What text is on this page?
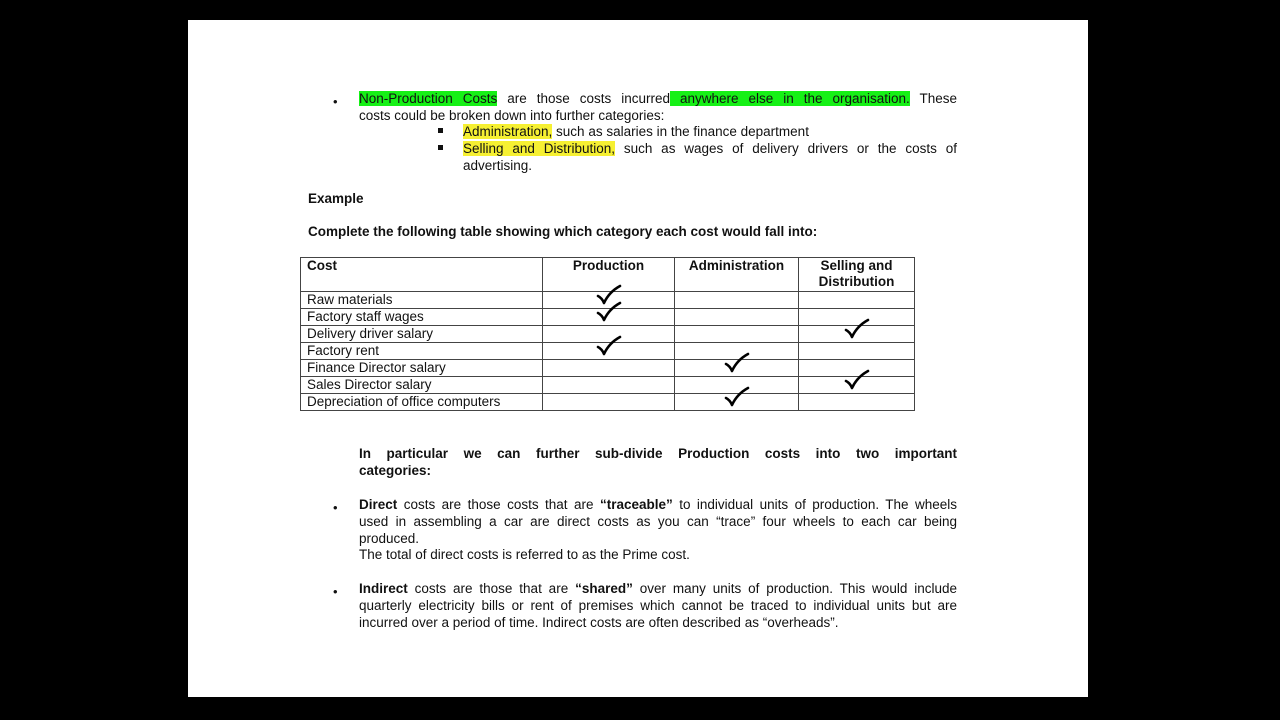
• Non-Production Costs are those costs incurred anywhere else in the organisation. These
costs could be broken down into further categories:
Administration, such as salaries in the finance department
Selling and Distribution, such as wages of delivery drivers or the costs of
advertising.
Example
Complete the following table showing which category each cost would fall into:
Cost	Production	Administration	Selling and
Distribution
Raw materials	

Factory staff wages	

Delivery driver salary			

Factory rent	

Finance Director salary		

Sales Director salary			

Depreciation of office computers		

In particular we can further sub-divide Production costs into two important
categories:
• Direct costs are those costs that are “traceable” to individual units of production. The wheels
used in assembling a car are direct costs as you can “trace” four wheels to each car being
produced.
The total of direct costs is referred to as the Prime cost.
• Indirect costs are those that are “shared” over many units of production. This would include
quarterly electricity bills or rent of premises which cannot be traced to individual units but are
incurred over a period of time. Indirect costs are often described as “overheads”.
